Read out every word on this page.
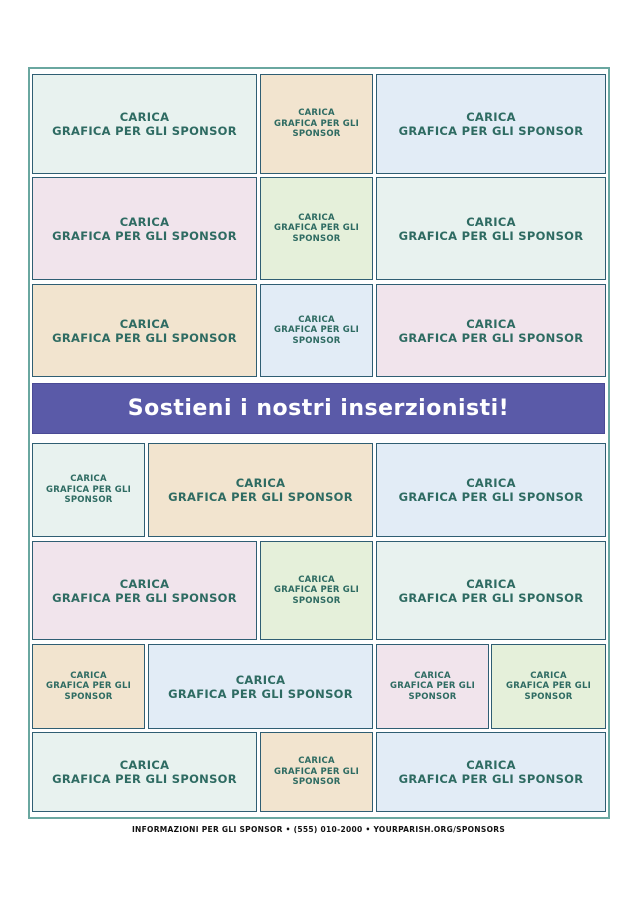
CARICA
GRAFICA PER GLI SPONSOR
CARICA
GRAFICA PER GLI SPONSOR
CARICA
GRAFICA PER GLI SPONSOR
CARICA
GRAFICA PER GLI SPONSOR
CARICA
GRAFICA PER GLI SPONSOR
CARICA
GRAFICA PER GLI SPONSOR
CARICA
GRAFICA PER GLI SPONSOR
CARICA
GRAFICA PER GLI SPONSOR
CARICA
GRAFICA PER GLI SPONSOR
Sostieni i nostri inserzionisti!
CARICA
GRAFICA PER GLI SPONSOR
CARICA
GRAFICA PER GLI SPONSOR
CARICA
GRAFICA PER GLI SPONSOR
CARICA
GRAFICA PER GLI SPONSOR
CARICA
GRAFICA PER GLI SPONSOR
CARICA
GRAFICA PER GLI SPONSOR
CARICA
GRAFICA PER GLI SPONSOR
CARICA
GRAFICA PER GLI SPONSOR
CARICA
GRAFICA PER GLI SPONSOR
CARICA
GRAFICA PER GLI SPONSOR
CARICA
GRAFICA PER GLI SPONSOR
CARICA
GRAFICA PER GLI SPONSOR
CARICA
GRAFICA PER GLI SPONSOR
INFORMAZIONI PER GLI SPONSOR • (555) 010-2000 • YOURPARISH.ORG/SPONSORS
